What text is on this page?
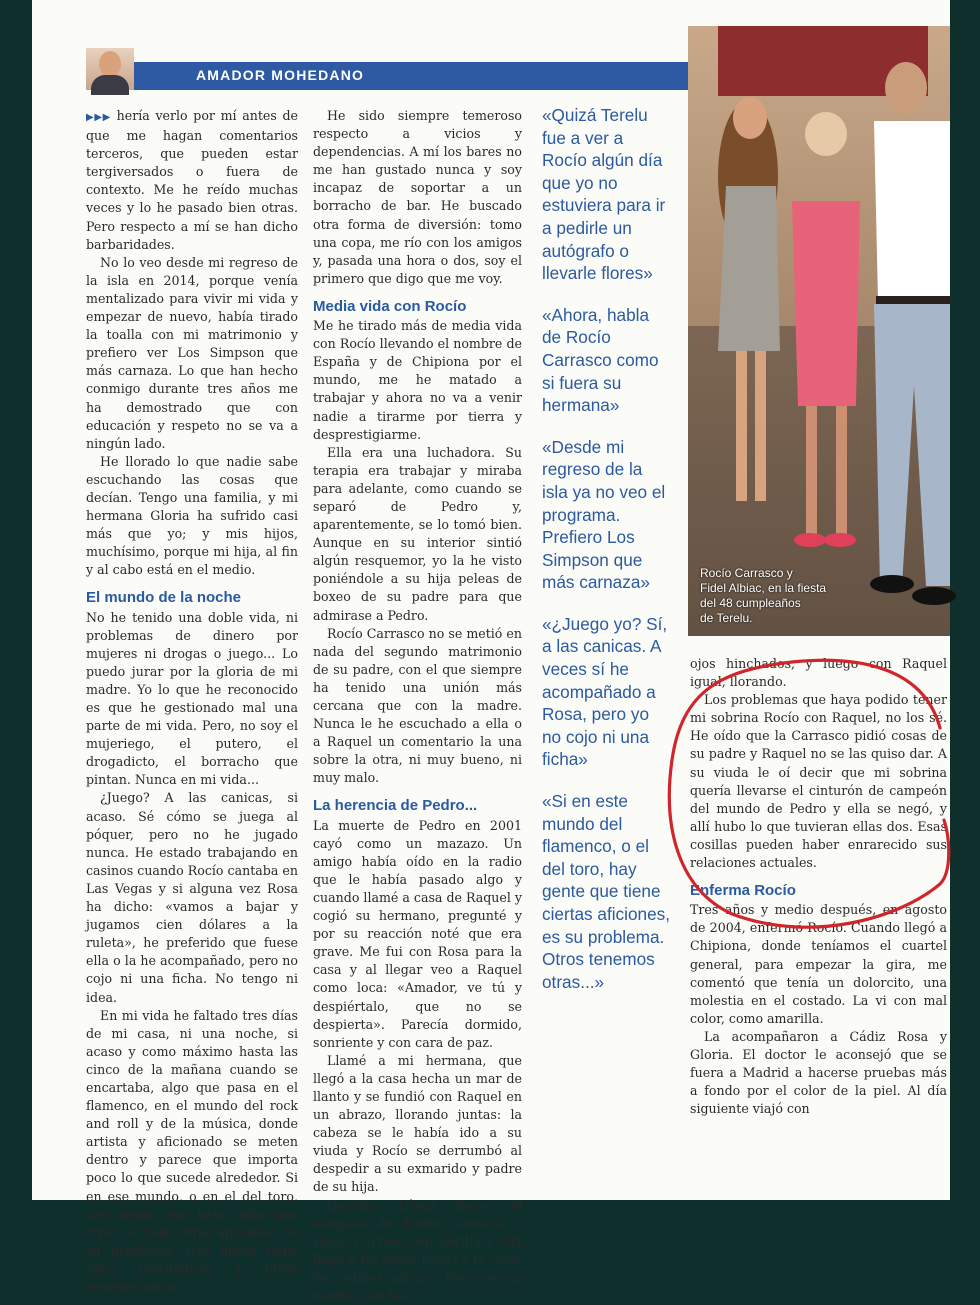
AMADOR MOHEDANO

▶▶▶ hería verlo por mí antes de que me hagan comentarios terceros, que pueden estar tergiversados o fuera de contexto. Me he reído muchas veces y lo he pasado bien otras. Pero respecto a mí se han dicho barbaridades.

No lo veo desde mi regreso de la isla en 2014, porque venía mentalizado para vivir mi vida y empezar de nuevo, había tirado la toalla con mi matrimonio y prefiero ver Los Simpson que más carnaza. Lo que han hecho conmigo durante tres años me ha demostrado que con educación y respeto no se va a ningún lado.

He llorado lo que nadie sabe escuchando las cosas que decían. Tengo una familia, y mi hermana Gloria ha sufrido casi más que yo; y mis hijos, muchísimo, porque mi hija, al fin y al cabo está en el medio.

El mundo de la noche

No he tenido una doble vida, ni problemas de dinero por mujeres ni drogas o juego... Lo puedo jurar por la gloria de mi madre. Yo lo que he reconocido es que he gestionado mal una parte de mi vida. Pero, no soy el mujeriego, el putero, el drogadicto, el borracho que pintan. Nunca en mi vida...

¿Juego? A las canicas, si acaso. Sé cómo se juega al póquer, pero no he jugado nunca. He estado trabajando en casinos cuando Rocío cantaba en Las Vegas y si alguna vez Rosa ha dicho: «vamos a bajar y jugamos cien dólares a la ruleta», he preferido que fuese ella o la he acompañado, pero no cojo ni una ficha. No tengo ni idea.

En mi vida he faltado tres días de mi casa, ni una noche, si acaso y como máximo hasta las cinco de la mañana cuando se encartaba, algo que pasa en el flamenco, en el mundo del rock and roll y de la música, donde artista y aficionado se meten dentro y parece que importa poco lo que sucede alrededor. Si en ese mundo, o en el del toro, hay gente que bebe más que otros, o tiene otras aficiones, es su problema. Hay quien tiene unas costumbres y otros tenemos otras.

He sido siempre temeroso respecto a vicios y dependencias. A mí los bares no me han gustado nunca y soy incapaz de soportar a un borracho de bar. He buscado otra forma de diversión: tomo una copa, me río con los amigos y, pasada una hora o dos, soy el primero que digo que me voy.

Media vida con Rocío

Me he tirado más de media vida con Rocío llevando el nombre de España y de Chipiona por el mundo, me he matado a trabajar y ahora no va a venir nadie a tirarme por tierra y desprestigiarme.

Ella era una luchadora. Su terapia era trabajar y miraba para adelante, como cuando se separó de Pedro y, aparentemente, se lo tomó bien. Aunque en su interior sintió algún resquemor, yo la he visto poniéndole a su hija peleas de boxeo de su padre para que admirase a Pedro.

Rocío Carrasco no se metió en nada del segundo matrimonio de su padre, con el que siempre ha tenido una unión más cercana que con la madre. Nunca le he escuchado a ella o a Raquel un comentario la una sobre la otra, ni muy bueno, ni muy malo.

La herencia de Pedro...

La muerte de Pedro en 2001 cayó como un mazazo. Un amigo había oído en la radio que le había pasado algo y cuando llamé a casa de Raquel y cogió su hermano, pregunté y por su reacción noté que era grave. Me fui con Rosa para la casa y al llegar veo a Raquel como loca: «Amador, ve tú y despiértalo, que no se despierta». Parecía dormido, sonriente y con cara de paz.

Llamé a mi hermana, que llegó a la casa hecha un mar de llanto y se fundió con Raquel en un abrazo, llorando juntas: la cabeza se le había ido a su viuda y Rocío se derrumbó al despedir a su exmarido y padre de su hija.

Doroteo López Royo, el abogado de Pedro, localizó a Rocío Carrasco en Sevilla y ella llegó a las cinco horas a la casa. Su primer abrazo fue con su madre, con los

«Quizá Terelu fue a ver a Rocío algún día que yo no estuviera para ir a pedirle un autógrafo o llevarle flores»

«Ahora, habla de Rocío Carrasco como si fuera su hermana»

«Desde mi regreso de la isla ya no veo el programa. Prefiero Los Simpson que más carnaza»

«¿Juego yo? Sí, a las canicas. A veces sí he acompañado a Rosa, pero yo no cojo ni una ficha»

«Si en este mundo del flamenco, o el del toro, hay gente que tiene ciertas aficiones, es su problema. Otros tenemos otras...»

Rocío Carrasco y
Fidel Albiac, en la fiesta
del 48 cumpleaños
de Terelu.

ojos hinchados, y luego con Raquel igual, llorando.

Los problemas que haya podido tener mi sobrina Rocío con Raquel, no los sé. He oído que la Carrasco pidió cosas de su padre y Raquel no se las quiso dar. A su viuda le oí decir que mi sobrina quería llevarse el cinturón de campeón del mundo de Pedro y ella se negó, y allí hubo lo que tuvieran ellas dos. Esas cosillas pueden haber enrarecido sus relaciones actuales.

Enferma Rocío

Tres años y medio después, en agosto de 2004, enfermó Rocío. Cuando llegó a Chipiona, donde teníamos el cuartel general, para empezar la gira, me comentó que tenía un dolorcito, una molestia en el costado. La vi con mal color, como amarilla.

La acompañaron a Cádiz Rosa y Gloria. El doctor le aconsejó que se fuera a Madrid a hacerse pruebas más a fondo por el color de la piel. Al día siguiente viajó con
